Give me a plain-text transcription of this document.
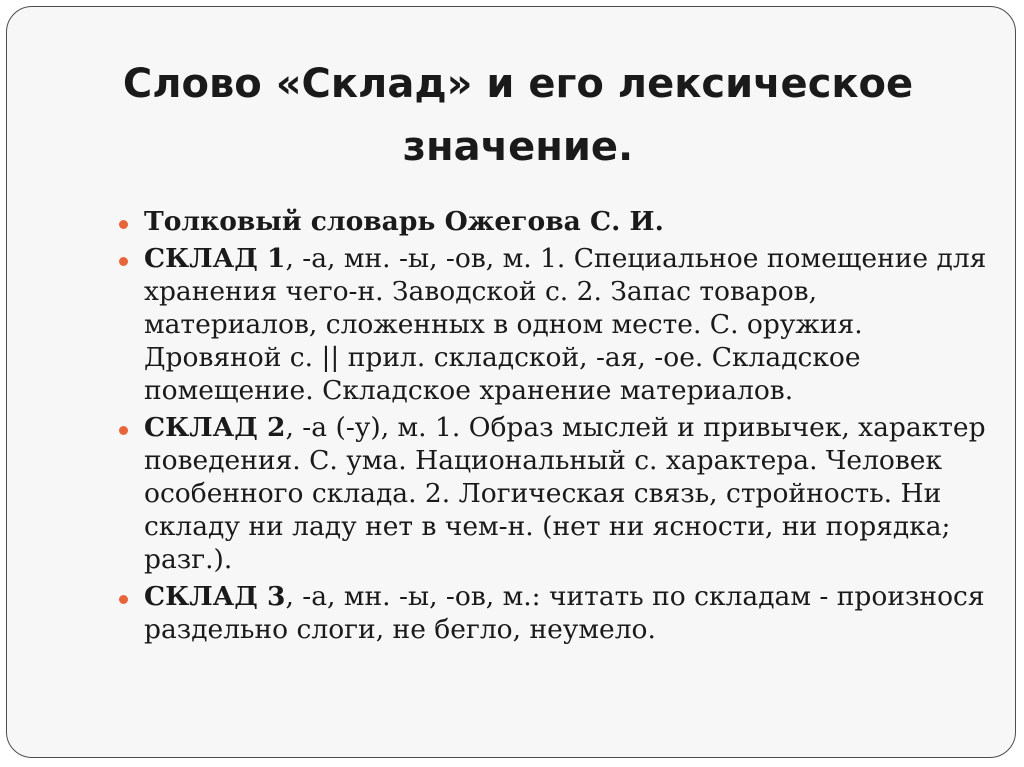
Слово «Склад» и его лексическое
значение.
Толковый словарь Ожегова С. И.
СКЛАД 1, -а, мн. -ы, -ов, м. 1. Специальное помещение для хранения чего-н. Заводской с. 2. Запас товаров, материалов, сложенных в одном месте. С. оружия. Дровяной с. || прил. складской, -ая, -ое. Складское помещение. Складское хранение материалов.
СКЛАД 2, -а (-у), м. 1. Образ мыслей и привычек, характер поведения. С. ума. Национальный с. характера. Человек особенного склада. 2. Логическая связь, стройность. Ни складу ни ладу нет в чем-н. (нет ни ясности, ни порядка; разг.).
СКЛАД 3, -а, мн. -ы, -ов, м.: читать по складам - произнося раздельно слоги, не бегло, неумело.
